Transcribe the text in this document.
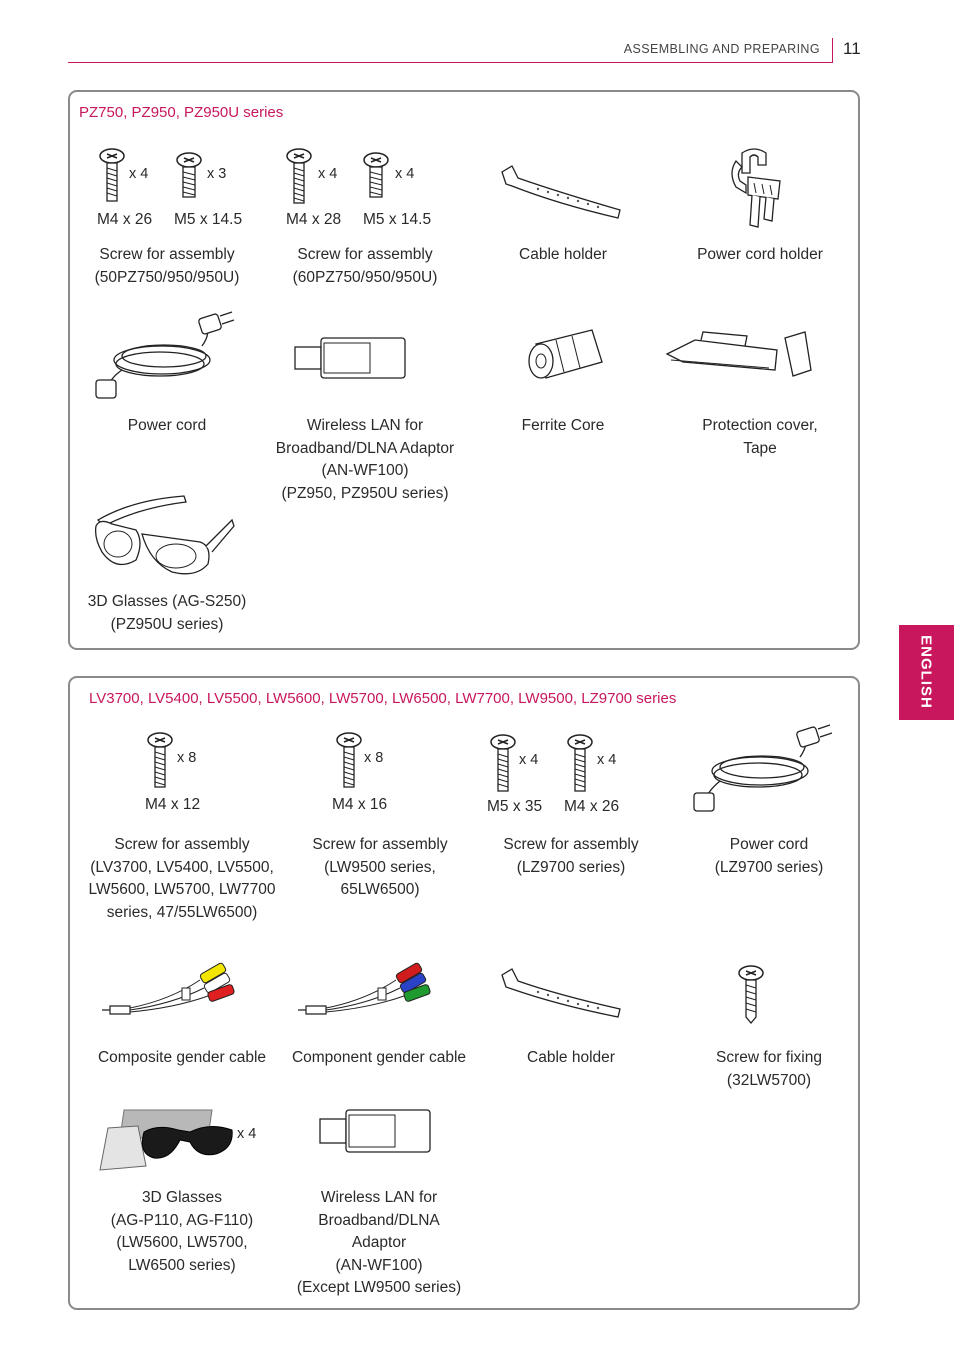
ASSEMBLING AND PREPARING 11
ENGLISH
PZ750, PZ950, PZ950U series
x 4	x 3
M4 x 26 M5 x 14.5
Screw for assembly
(50PZ750/950/950U)
x 4	x 4
M4 x 28 M5 x 14.5
Screw for assembly
(60PZ750/950/950U)
Cable holder	Power cord holder
Power cord	Wireless LAN for
Broadband/DLNA Adaptor
(AN-WF100)
(PZ950, PZ950U series)
Ferrite Core	Protection cover,
Tape
3D Glasses (AG-S250)
(PZ950U series)
LV3700, LV5400, LV5500, LW5600, LW5700, LW6500, LW7700, LW9500, LZ9700 series
x 8
M4 x 12
Screw for assembly
(LV3700, LV5400, LV5500,
LW5600, LW5700, LW7700
series, 47/55LW6500)
x 8
M4 x 16
Screw for assembly
(LW9500 series,
65LW6500)
x 4	x 4
M5 x 35 M4 x 26
Screw for assembly
(LZ9700 series)
Power cord
(LZ9700 series)
Composite gender cable	Component gender cable	Cable holder	Screw for fixing
(32LW5700)
x 4
3D Glasses
(AG-P110, AG-F110)
(LW5600, LW5700,
LW6500 series)
Wireless LAN for
Broadband/DLNA
Adaptor
(AN-WF100)
(Except LW9500 series)
